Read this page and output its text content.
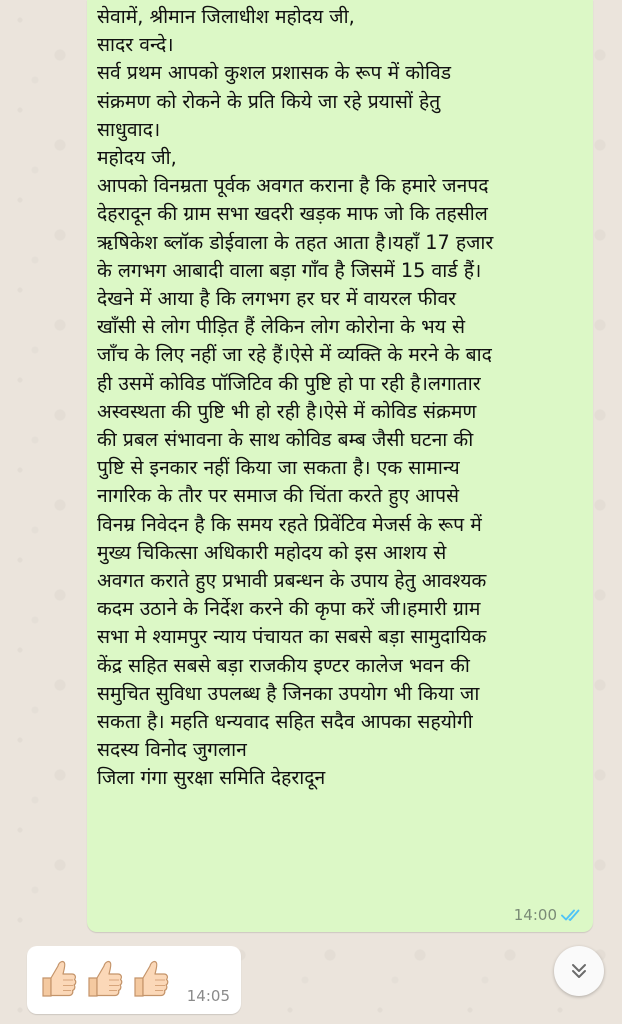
सेवामें, श्रीमान जिलाधीश महोदय जी,
सादर वन्दे।
सर्व प्रथम आपको कुशल प्रशासक के रूप में कोविड
संक्रमण को रोकने के प्रति किये जा रहे प्रयासों हेतु
साधुवाद।
महोदय जी,
आपको विनम्रता पूर्वक अवगत कराना है कि हमारे जनपद
देहरादून की ग्राम सभा खदरी खड़क माफ जो कि तहसील
ऋषिकेश ब्लॉक डोईवाला के तहत आता है।यहाँ 17 हजार
के लगभग आबादी वाला बड़ा गाँव है जिसमें 15 वार्ड हैं।
देखने में आया है कि लगभग हर घर में वायरल फीवर
खाँसी से लोग पीड़ित हैं लेकिन लोग कोरोना के भय से
जाँच के लिए नहीं जा रहे हैं।ऐसे में व्यक्ति के मरने के बाद
ही उसमें कोविड पॉजिटिव की पुष्टि हो पा रही है।लगातार
अस्वस्थता की पुष्टि भी हो रही है।ऐसे में कोविड संक्रमण
की प्रबल संभावना के साथ कोविड बम्ब जैसी घटना की
पुष्टि से इनकार नहीं किया जा सकता है। एक सामान्य
नागरिक के तौर पर समाज की चिंता करते हुए आपसे
विनम्र निवेदन है कि समय रहते प्रिवेंटिव मेजर्स के रूप में
मुख्य चिकित्सा अधिकारी महोदय को इस आशय से
अवगत कराते हुए प्रभावी प्रबन्धन के उपाय हेतु आवश्यक
कदम उठाने के निर्देश करने की कृपा करें जी।हमारी ग्राम
सभा मे श्यामपुर न्याय पंचायत का सबसे बड़ा सामुदायिक
केंद्र सहित सबसे बड़ा राजकीय इण्टर कालेज भवन की
समुचित सुविधा उपलब्ध है जिनका उपयोग भी किया जा
सकता है। महति धन्यवाद सहित सदैव आपका सहयोगी
सदस्य विनोद जुगलान
जिला गंगा सुरक्षा समिति देहरादून

14:00
14:05
